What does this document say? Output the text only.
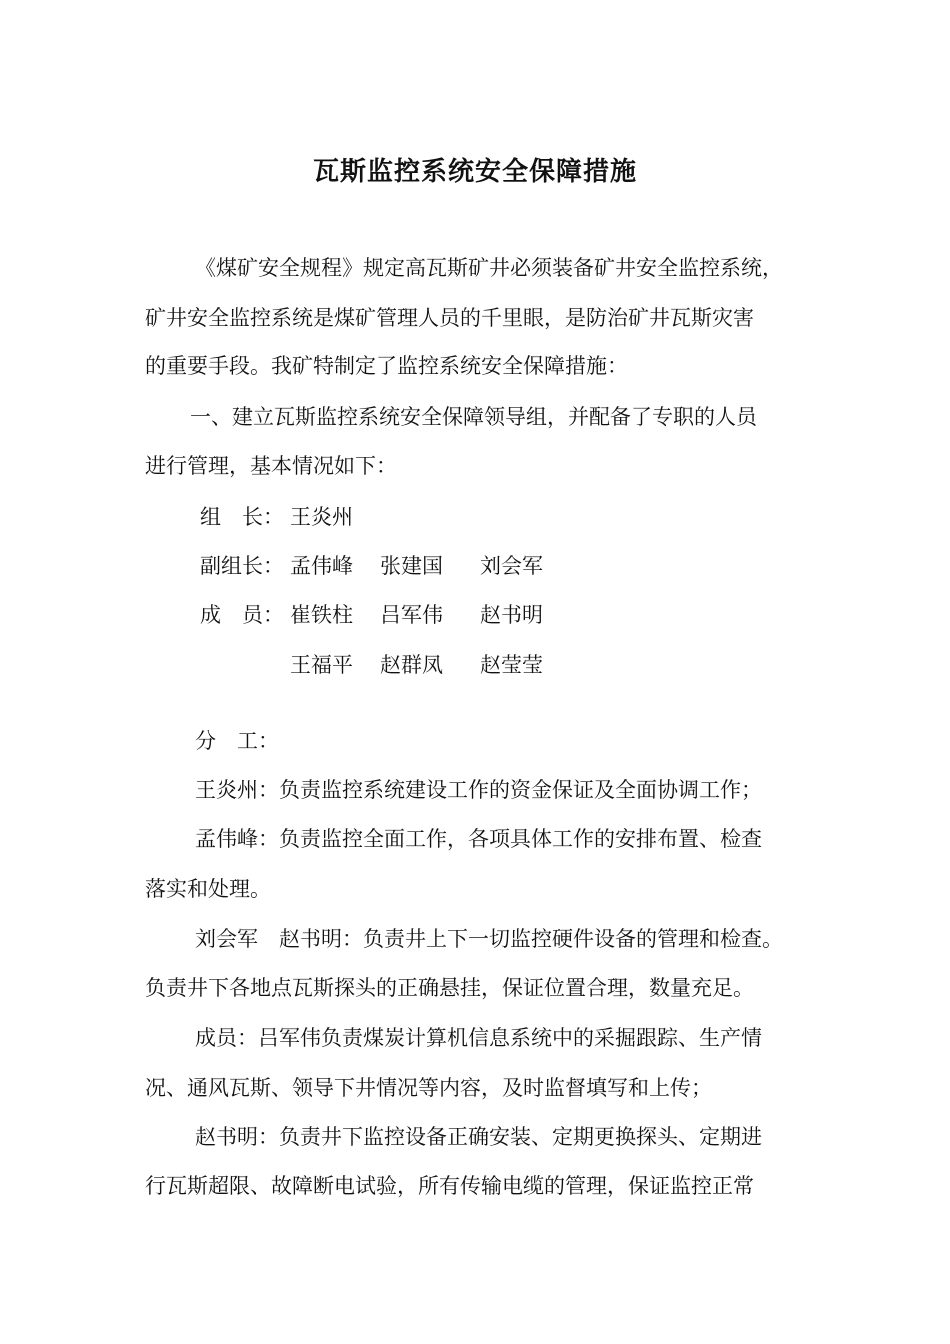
瓦斯监控系统安全保障措施
《煤矿安全规程》规定高瓦斯矿井必须装备矿井安全监控系统，
矿井安全监控系统是煤矿管理人员的千里眼，是防治矿井瓦斯灾害
的重要手段。我矿特制定了监控系统安全保障措施：
一、建立瓦斯监控系统安全保障领导组，并配备了专职的人员
进行管理，基本情况如下：
组　长： 王炎州
副组长： 孟伟峰 张建国 刘会军
成　员： 崔铁柱 吕军伟 赵书明
王福平 赵群凤 赵莹莹
分　工：
王炎州：负责监控系统建设工作的资金保证及全面协调工作；
孟伟峰：负责监控全面工作，各项具体工作的安排布置、检查
落实和处理。
刘会军　赵书明：负责井上下一切监控硬件设备的管理和检查。
负责井下各地点瓦斯探头的正确悬挂，保证位置合理，数量充足。
成员：吕军伟负责煤炭计算机信息系统中的采掘跟踪、生产情
况、通风瓦斯、领导下井情况等内容，及时监督填写和上传；
赵书明：负责井下监控设备正确安装、定期更换探头、定期进
行瓦斯超限、故障断电试验，所有传输电缆的管理，保证监控正常
